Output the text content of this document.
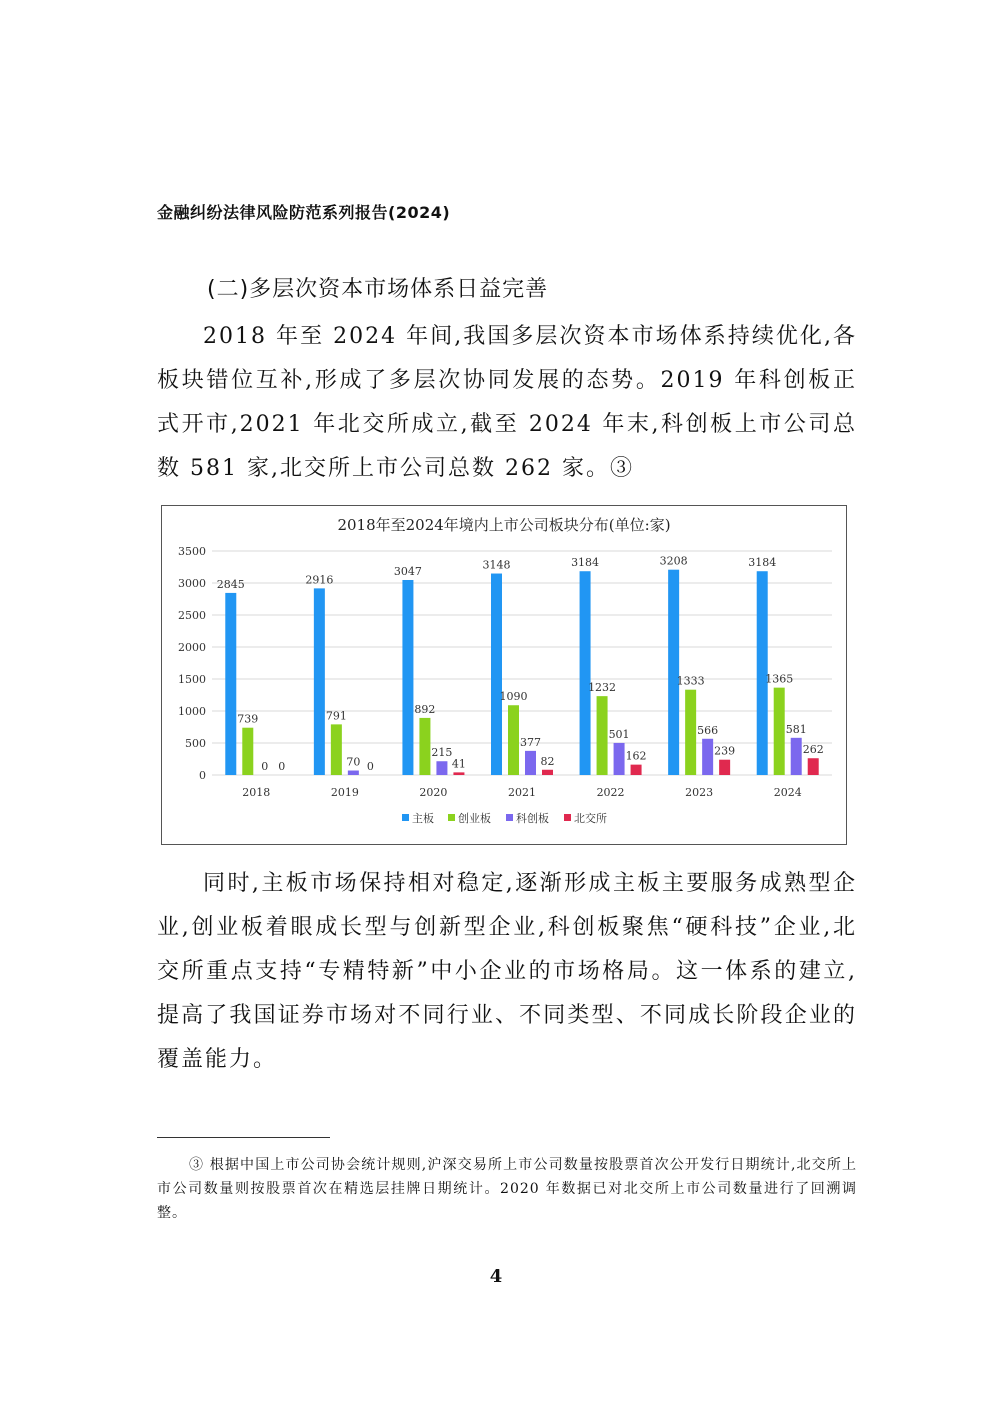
金融纠纷法律风险防范系列报告(2024)
(二)多层次资本市场体系日益完善
2018 年至 2024 年间,我国多层次资本市场体系持续优化,各板块错位互补,形成了多层次协同发展的态势。2019 年科创板正式开市,2021 年北交所成立,截至 2024 年末,科创板上市公司总数 581 家,北交所上市公司总数 262 家。③
2018年至2024年境内上市公司板块分布(单位:家)
0
500
1000
1500
2000
2500
3000
3500
2018
2845
739
0 0
2019
2916
791
70 0
2020
3047
892
215
41
2021
3148
1090
377
82
2022
3184
1232
501
162
2023
3208
1333
566
239
2024
3184
1365
581
262
主板 创业板 科创板 北交所
同时,主板市场保持相对稳定,逐渐形成主板主要服务成熟型企业,创业板着眼成长型与创新型企业,科创板聚焦“硬科技”企业,北交所重点支持“专精特新”中小企业的市场格局。这一体系的建立,提高了我国证券市场对不同行业、不同类型、不同成长阶段企业的覆盖能力。
③ 根据中国上市公司协会统计规则,沪深交易所上市公司数量按股票首次公开发行日期统计,北交所上市公司数量则按股票首次在精选层挂牌日期统计。2020 年数据已对北交所上市公司数量进行了回溯调整。
4
